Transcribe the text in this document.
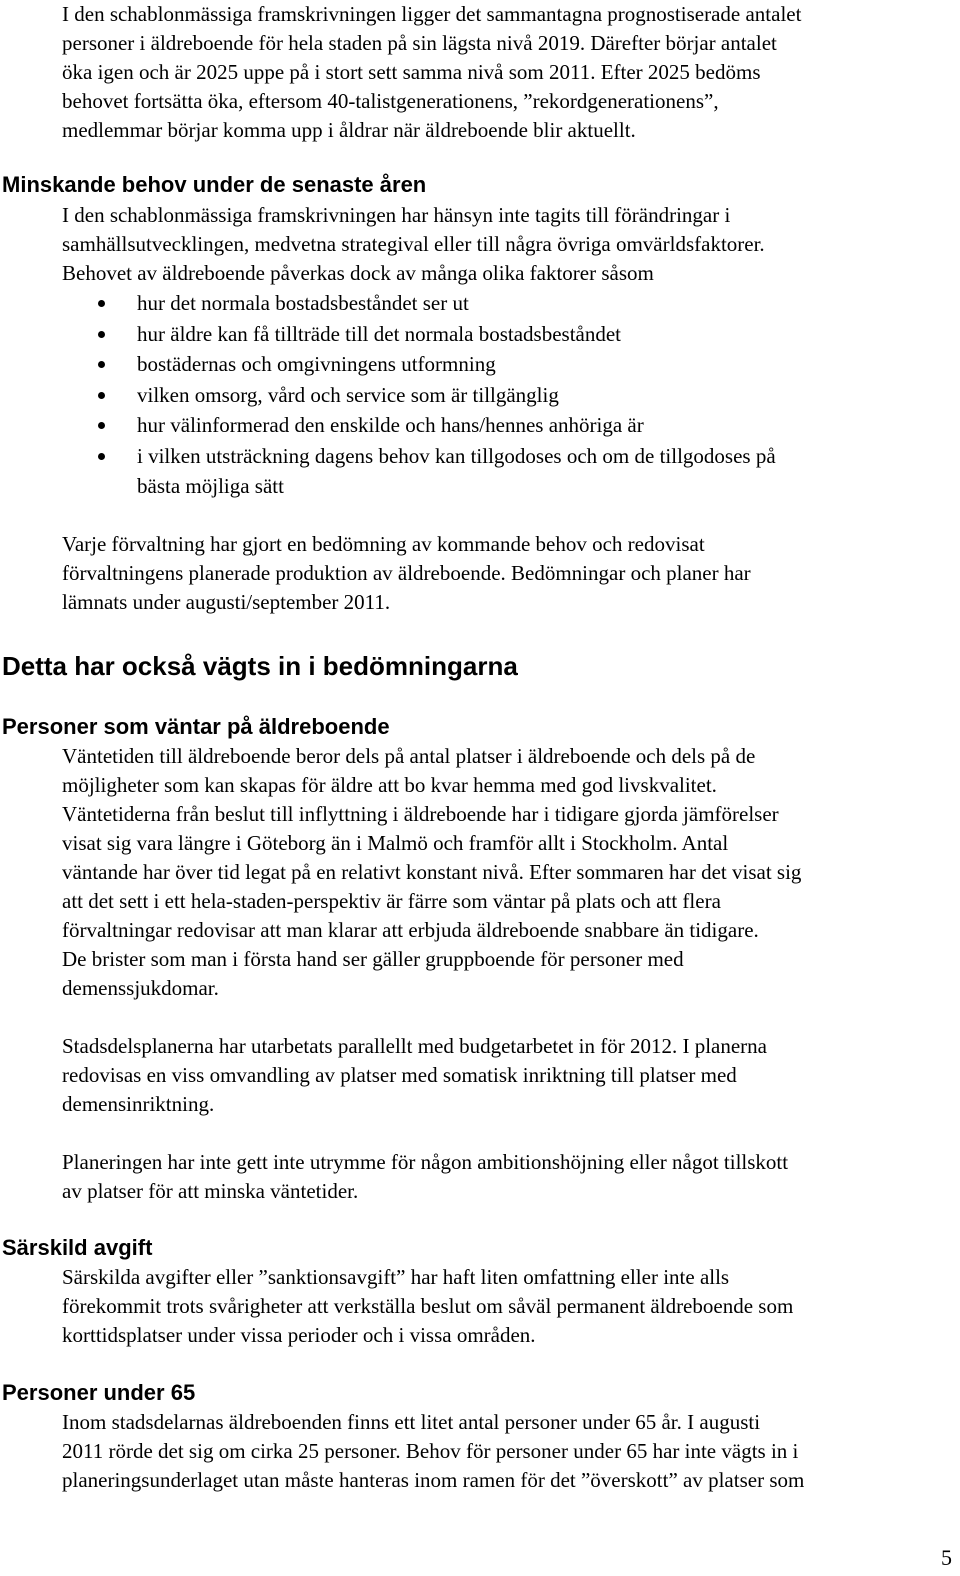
I den schablonmässiga framskrivningen ligger det sammantagna prognostiserade antalet
personer i äldreboende för hela staden på sin lägsta nivå 2019. Därefter börjar antalet
öka igen och är 2025 uppe på i stort sett samma nivå som 2011. Efter 2025 bedöms
behovet fortsätta öka, eftersom 40-talistgenerationens, ”rekordgenerationens”,
medlemmar börjar komma upp i åldrar när äldreboende blir aktuellt.
Minskande behov under de senaste åren
I den schablonmässiga framskrivningen har hänsyn inte tagits till förändringar i
samhällsutvecklingen, medvetna strategival eller till några övriga omvärldsfaktorer.
Behovet av äldreboende påverkas dock av många olika faktorer såsom
hur det normala bostadsbeståndet ser ut
hur äldre kan få tillträde till det normala bostadsbeståndet
bostädernas och omgivningens utformning
vilken omsorg, vård och service som är tillgänglig
hur välinformerad den enskilde och hans/hennes anhöriga är
i vilken utsträckning dagens behov kan tillgodoses och om de tillgodoses på
bästa möjliga sätt
Varje förvaltning har gjort en bedömning av kommande behov och redovisat
förvaltningens planerade produktion av äldreboende. Bedömningar och planer har
lämnats under augusti/september 2011.
Detta har också vägts in i bedömningarna
Personer som väntar på äldreboende
Väntetiden till äldreboende beror dels på antal platser i äldreboende och dels på de
möjligheter som kan skapas för äldre att bo kvar hemma med god livskvalitet.
Väntetiderna från beslut till inflyttning i äldreboende har i tidigare gjorda jämförelser
visat sig vara längre i Göteborg än i Malmö och framför allt i Stockholm. Antal
väntande har över tid legat på en relativt konstant nivå. Efter sommaren har det visat sig
att det sett i ett hela-staden-perspektiv är färre som väntar på plats och att flera
förvaltningar redovisar att man klarar att erbjuda äldreboende snabbare än tidigare.
De brister som man i första hand ser gäller gruppboende för personer med
demenssjukdomar.
Stadsdelsplanerna har utarbetats parallellt med budgetarbetet in för 2012. I planerna
redovisas en viss omvandling av platser med somatisk inriktning till platser med
demensinriktning.
Planeringen har inte gett inte utrymme för någon ambitionshöjning eller något tillskott
av platser för att minska väntetider.
Särskild avgift
Särskilda avgifter eller ”sanktionsavgift” har haft liten omfattning eller inte alls
förekommit trots svårigheter att verkställa beslut om såväl permanent äldreboende som
korttidsplatser under vissa perioder och i vissa områden.
Personer under 65
Inom stadsdelarnas äldreboenden finns ett litet antal personer under 65 år. I augusti
2011 rörde det sig om cirka 25 personer. Behov för personer under 65 har inte vägts in i
planeringsunderlaget utan måste hanteras inom ramen för det ”överskott” av platser som
5
